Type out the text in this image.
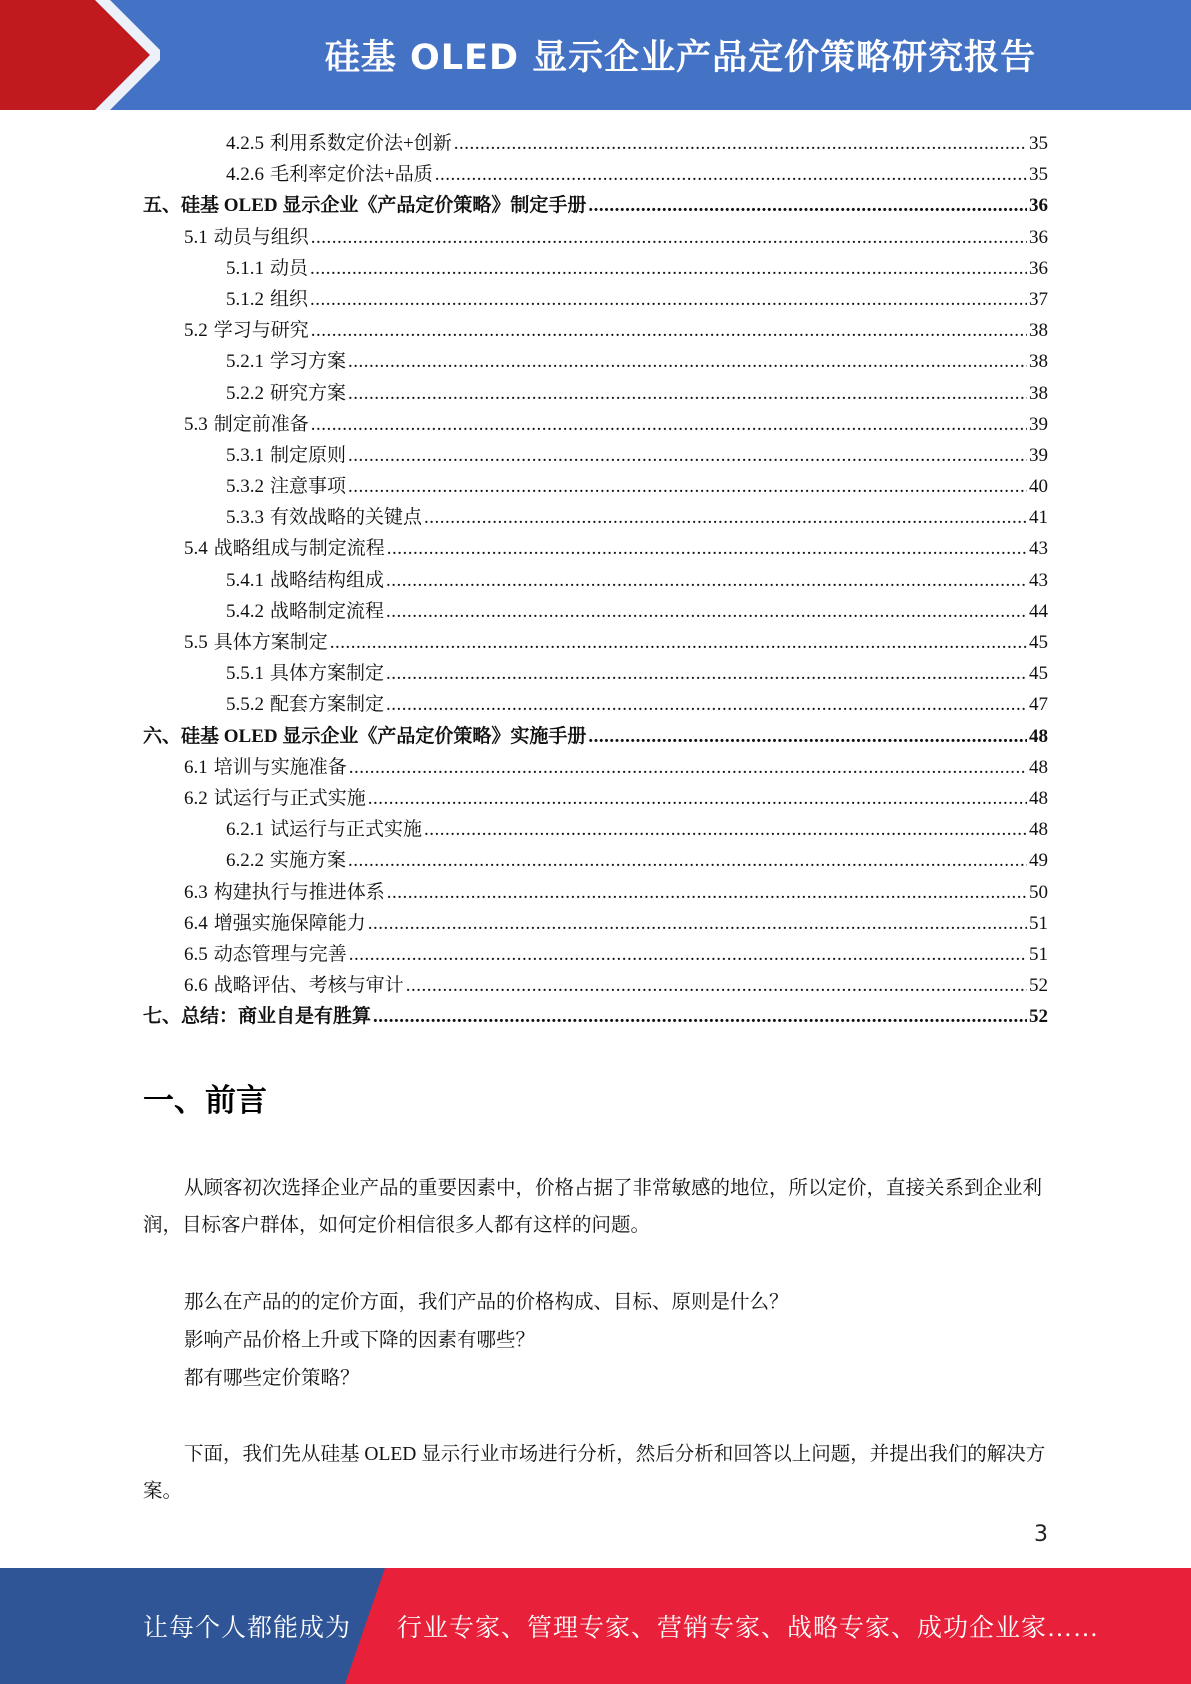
硅基 OLED 显示企业产品定价策略研究报告
4.2.5 利用系数定价法+创新 .....	35
4.2.6 毛利率定价法+品质 .....	35
五、硅基 OLED 显示企业《产品定价策略》制定手册 .....	36
5.1 动员与组织 .....	36
5.1.1 动员 .....	36
5.1.2 组织 .....	37
5.2 学习与研究 .....	38
5.2.1 学习方案 .....	38
5.2.2 研究方案 .....	38
5.3 制定前准备 .....	39
5.3.1 制定原则 .....	39
5.3.2 注意事项 .....	40
5.3.3 有效战略的关键点 .....	41
5.4 战略组成与制定流程 .....	43
5.4.1 战略结构组成 .....	43
5.4.2 战略制定流程 .....	44
5.5 具体方案制定 .....	45
5.5.1 具体方案制定 .....	45
5.5.2 配套方案制定 .....	47
六、硅基 OLED 显示企业《产品定价策略》实施手册 .....	48
6.1 培训与实施准备 .....	48
6.2 试运行与正式实施 .....	48
6.2.1 试运行与正式实施 .....	48
6.2.2 实施方案 .....	49
6.3 构建执行与推进体系 .....	50
6.4 增强实施保障能力 .....	51
6.5 动态管理与完善 .....	51
6.6 战略评估、考核与审计 .....	52
七、总结：商业自是有胜算 .....	52
一、前言

从顾客初次选择企业产品的重要因素中，价格占据了非常敏感的地位，所以定价，直接关系到企业利润，目标客户群体，如何定价相信很多人都有这样的问题。

那么在产品的的定价方面，我们产品的价格构成、目标、原则是什么？

影响产品价格上升或下降的因素有哪些？

都有哪些定价策略？

下面，我们先从硅基 OLED 显示行业市场进行分析，然后分析和回答以上问题，并提出我们的解决方案。

3
让每个人都能成为 行业专家、管理专家、营销专家、战略专家、成功企业家……
